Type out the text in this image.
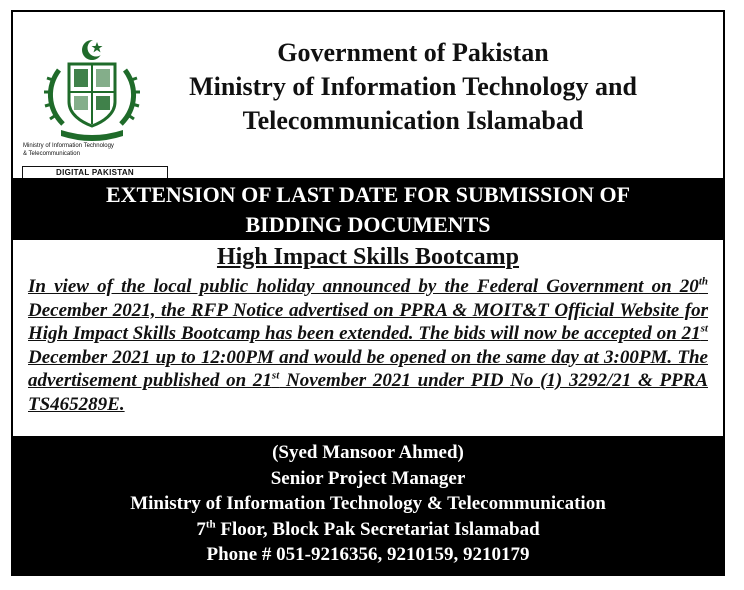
Ministry of Information Technology
& Telecommunication
DIGITAL PAKISTAN
Government of Pakistan
Ministry of Information Technology and
Telecommunication Islamabad
EXTENSION OF LAST DATE FOR SUBMISSION OF
BIDDING DOCUMENTS
High Impact Skills Bootcamp
In view of the local public holiday announced by the Federal Government on 20th December 2021, the RFP Notice advertised on PPRA & MOIT&T Official Website for High Impact Skills Bootcamp has been extended. The bids will now be accepted on 21st December 2021 up to 12:00PM and would be opened on the same day at 3:00PM. The advertisement published on 21st November 2021 under PID No (1) 3292/21 & PPRA TS465289E.
(Syed Mansoor Ahmed)
Senior Project Manager
Ministry of Information Technology & Telecommunication
7th Floor, Block Pak Secretariat Islamabad
Phone # 051-9216356, 9210159, 9210179
